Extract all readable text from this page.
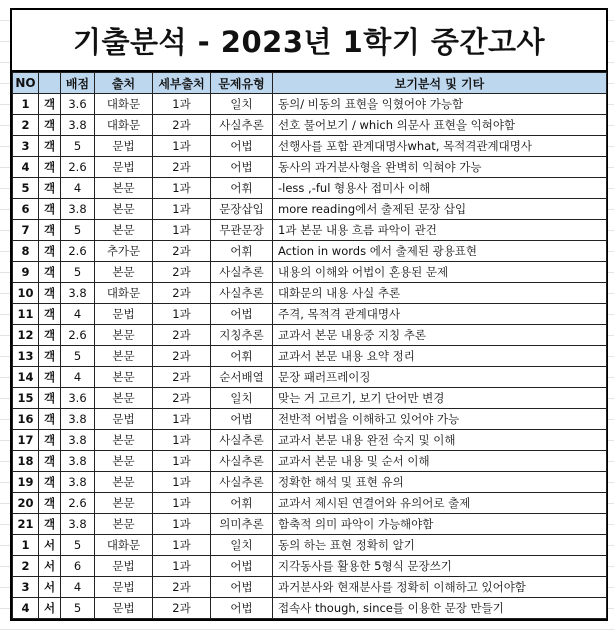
기출분석 - 2023년 1학기 중간고사
NO		배점	출처	세부출처	문제유형	보기분석 및 기타
1	객	3.6	대화문	1과	일치	동의/ 비동의 표현을 익혔어야 가능함
2	객	3.8	대화문	2과	사실추론	선호 물어보기 / which 의문사 표현을 익혀야함
3	객	5	문법	1과	어법	선행사를 포함 관계대명사what, 목적격관계대명사
4	객	2.6	문법	2과	어법	동사의 과거분사형을 완벽히 익혀야 가능
5	객	4	본문	1과	어휘	-less ,-ful 형용사 접미사 이해
6	객	3.8	본문	1과	문장삽입	more reading에서 출제된 문장 삽입
7	객	5	본문	1과	무관문장	1과 본문 내용 흐름 파악이 관건
8	객	2.6	추가문	2과	어휘	Action in words 에서 출제된 광용표현
9	객	5	본문	2과	사실추론	내용의 이해와 어법이 혼용된 문제
10	객	3.8	대화문	2과	사실추론	대화문의 내용 사실 추론
11	객	4	문법	1과	어법	주격, 목적격 관계대명사
12	객	2.6	본문	2과	지칭추론	교과서 본문 내용중 지칭 추론
13	객	5	본문	2과	어휘	교과서 본문 내용 요약 정리
14	객	4	본문	2과	순서배열	문장 패러프레이징
15	객	3.6	본문	2과	일치	맞는 거 고르기, 보기 단어만 변경
16	객	3.8	문법	1과	어법	전반적 어법을 이해하고 있어야 가능
17	객	3.8	본문	1과	사실추론	교과서 본문 내용 완전 숙지 및 이해
18	객	3.8	본문	1과	사실추론	교과서 본문 내용 및 순서 이해
19	객	3.8	본문	1과	사실추론	정확한 해석 및 표현 유의
20	객	2.6	본문	1과	어휘	교과서 제시된 연결어와 유의어로 출제
21	객	3.8	본문	1과	의미추론	함축적 의미 파악이 가능해야함
1	서	5	대화문	1과	일치	동의 하는 표현 정확히 알기
2	서	6	문법	1과	어법	지각동사를 활용한 5형식 문장쓰기
3	서	4	문법	2과	어법	과거분사와 현재분사를 정확히 이해하고 있어야함
4	서	5	문법	2과	어법	접속사 though, since를 이용한 문장 만들기
